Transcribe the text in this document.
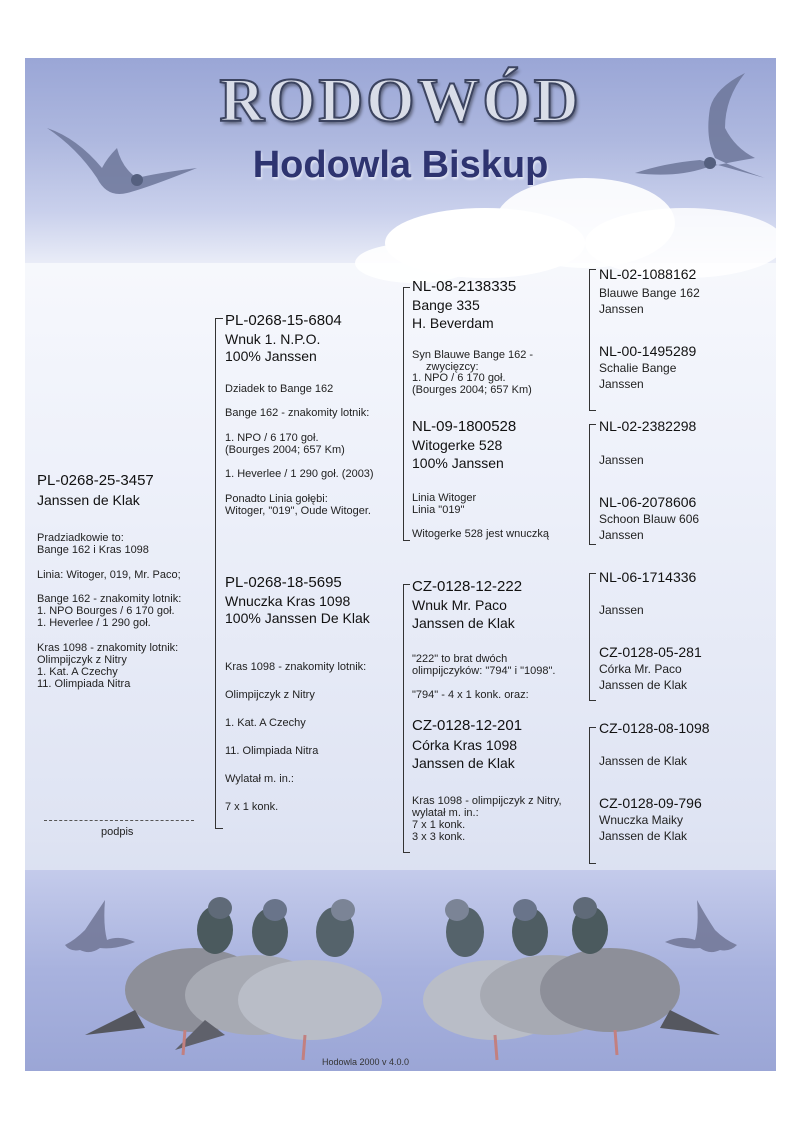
RODOWÓD
Hodowla Biskup
PL-0268-25-3457
Janssen de Klak
Pradziadkowie to:
Bange 162 i Kras 1098

Linia: Witoger, 019, Mr. Paco;

Bange 162 - znakomity lotnik:
1. NPO Bourges / 6 170 goł.
1. Heverlee / 1 290 goł.

Kras 1098 - znakomity lotnik:
Olimpijczyk z Nitry
1. Kat. A Czechy
11. Olimpiada Nitra
podpis
PL-0268-15-6804
Wnuk 1. N.P.O.
100% Janssen
Dziadek to Bange 162

Bange 162 - znakomity lotnik:

1. NPO / 6 170 goł.
(Bourges 2004; 657 Km)

1. Heverlee / 1 290 goł. (2003)

Ponadto Linia gołębi:
Witoger, "019", Oude Witoger.
PL-0268-18-5695
Wnuczka Kras 1098
100% Janssen De Klak
Kras 1098 - znakomity lotnik:

Olimpijczyk z Nitry

1. Kat. A Czechy

11. Olimpiada Nitra

Wylatał m. in.:

7 x 1 konk.
NL-08-2138335
Bange 335
H. Beverdam
Syn Blauwe Bange 162 -
zwycięzcy:
1. NPO / 6 170 goł.
(Bourges 2004; 657 Km)
NL-09-1800528
Witogerke 528
100% Janssen
Linia Witoger
Linia "019"

Witogerke 528 jest wnuczką
CZ-0128-12-222
Wnuk Mr. Paco
Janssen de Klak
"222" to brat dwóch
olimpijczyków: "794" i "1098".

"794" - 4 x 1 konk. oraz:
CZ-0128-12-201
Córka Kras 1098
Janssen de Klak
Kras 1098 - olimpijczyk z Nitry,
wylatał m. in.:
7 x 1 konk.
3 x 3 konk.
NL-02-1088162
Blauwe Bange 162
Janssen
NL-00-1495289
Schalie Bange
Janssen
NL-02-2382298
Janssen
NL-06-2078606
Schoon Blauw 606
Janssen
NL-06-1714336
Janssen
CZ-0128-05-281
Córka Mr. Paco
Janssen de Klak
CZ-0128-08-1098
Janssen de Klak
CZ-0128-09-796
Wnuczka Maiky
Janssen de Klak
Hodowla 2000 v 4.0.0
